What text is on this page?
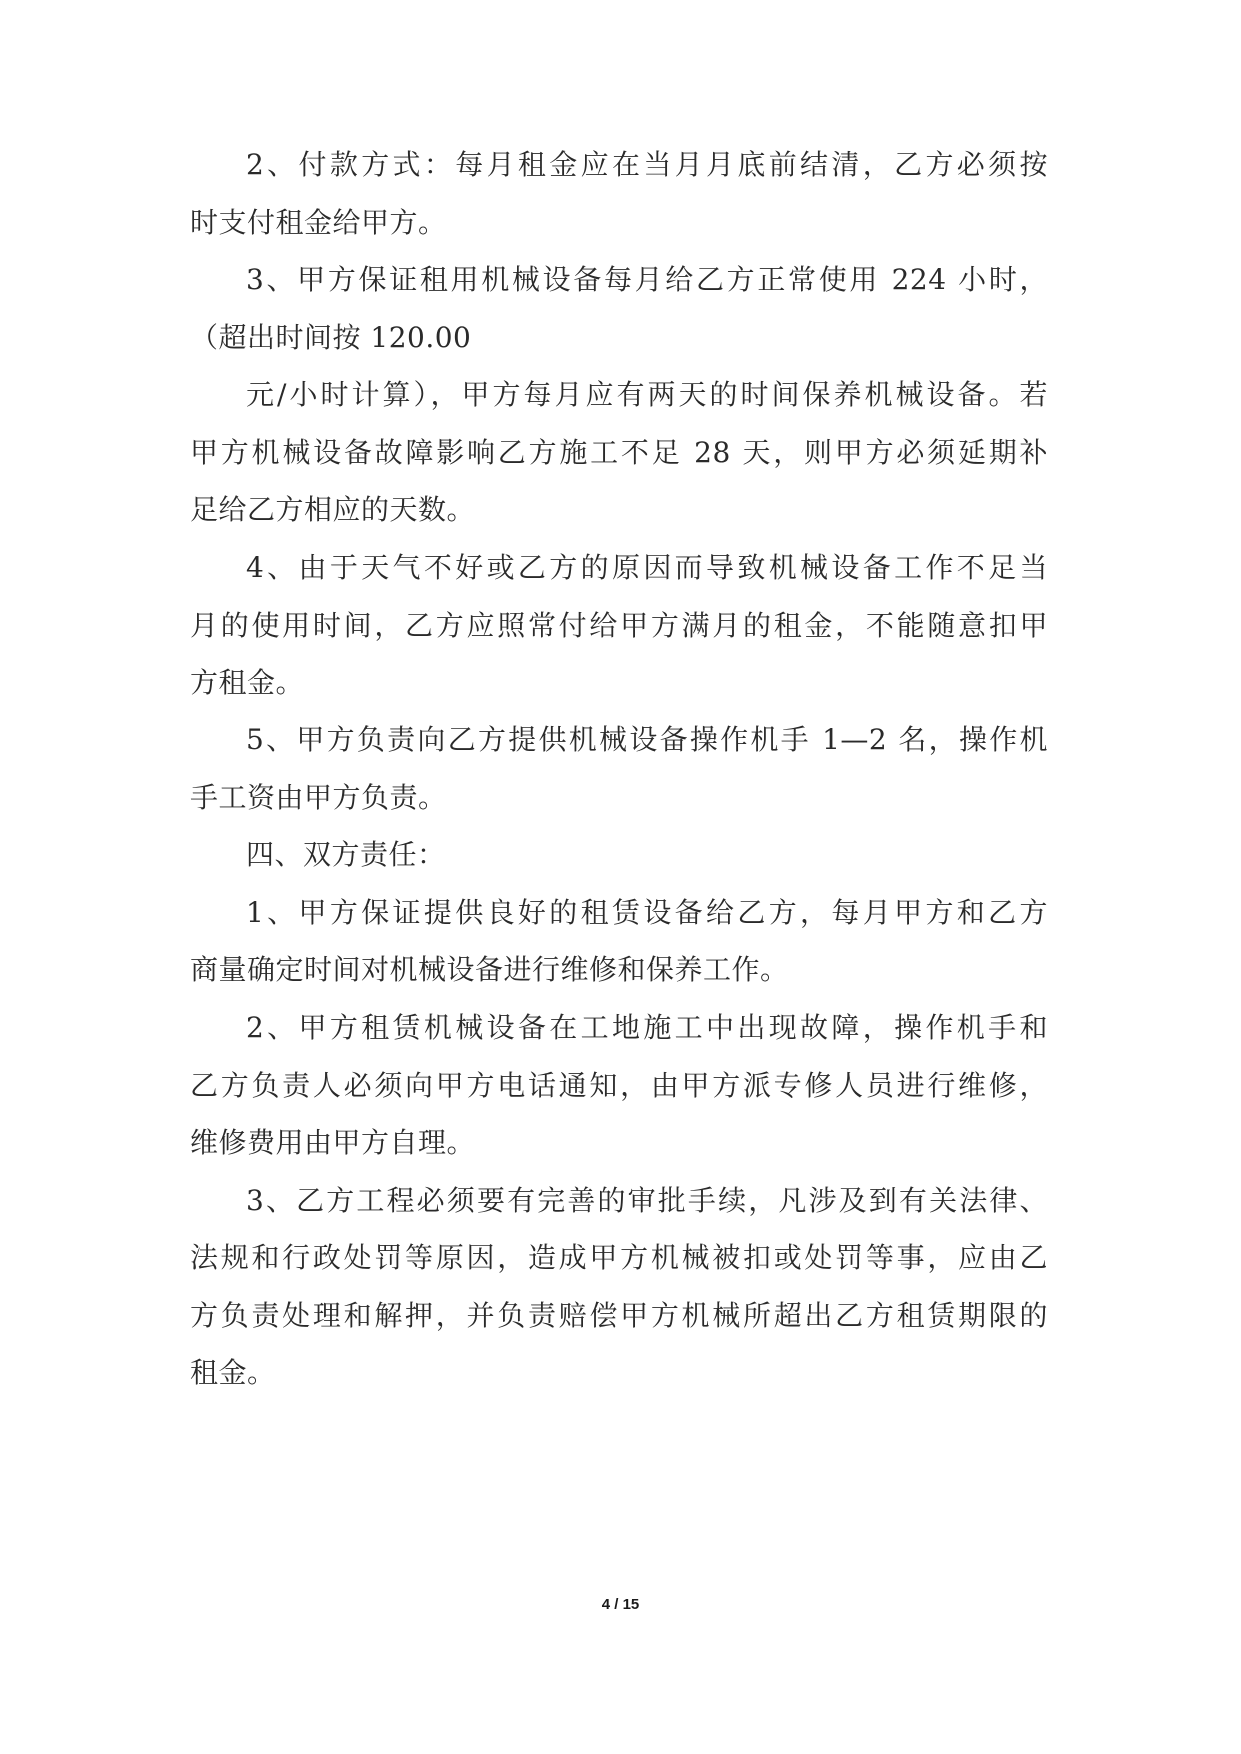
2、付款方式：每月租金应在当月月底前结清，乙方必须按
时支付租金给甲方。
3、甲方保证租用机械设备每月给乙方正常使用 224 小时，
（超出时间按 120.00
元/小时计算），甲方每月应有两天的时间保养机械设备。若
甲方机械设备故障影响乙方施工不足 28 天，则甲方必须延期补
足给乙方相应的天数。
4、由于天气不好或乙方的原因而导致机械设备工作不足当
月的使用时间，乙方应照常付给甲方满月的租金，不能随意扣甲
方租金。
5、甲方负责向乙方提供机械设备操作机手 1—2 名，操作机
手工资由甲方负责。
四、双方责任：
1、甲方保证提供良好的租赁设备给乙方，每月甲方和乙方
商量确定时间对机械设备进行维修和保养工作。
2、甲方租赁机械设备在工地施工中出现故障，操作机手和
乙方负责人必须向甲方电话通知，由甲方派专修人员进行维修，
维修费用由甲方自理。
3、乙方工程必须要有完善的审批手续，凡涉及到有关法律、
法规和行政处罚等原因，造成甲方机械被扣或处罚等事，应由乙
方负责处理和解押，并负责赔偿甲方机械所超出乙方租赁期限的
租金。
4 / 15
